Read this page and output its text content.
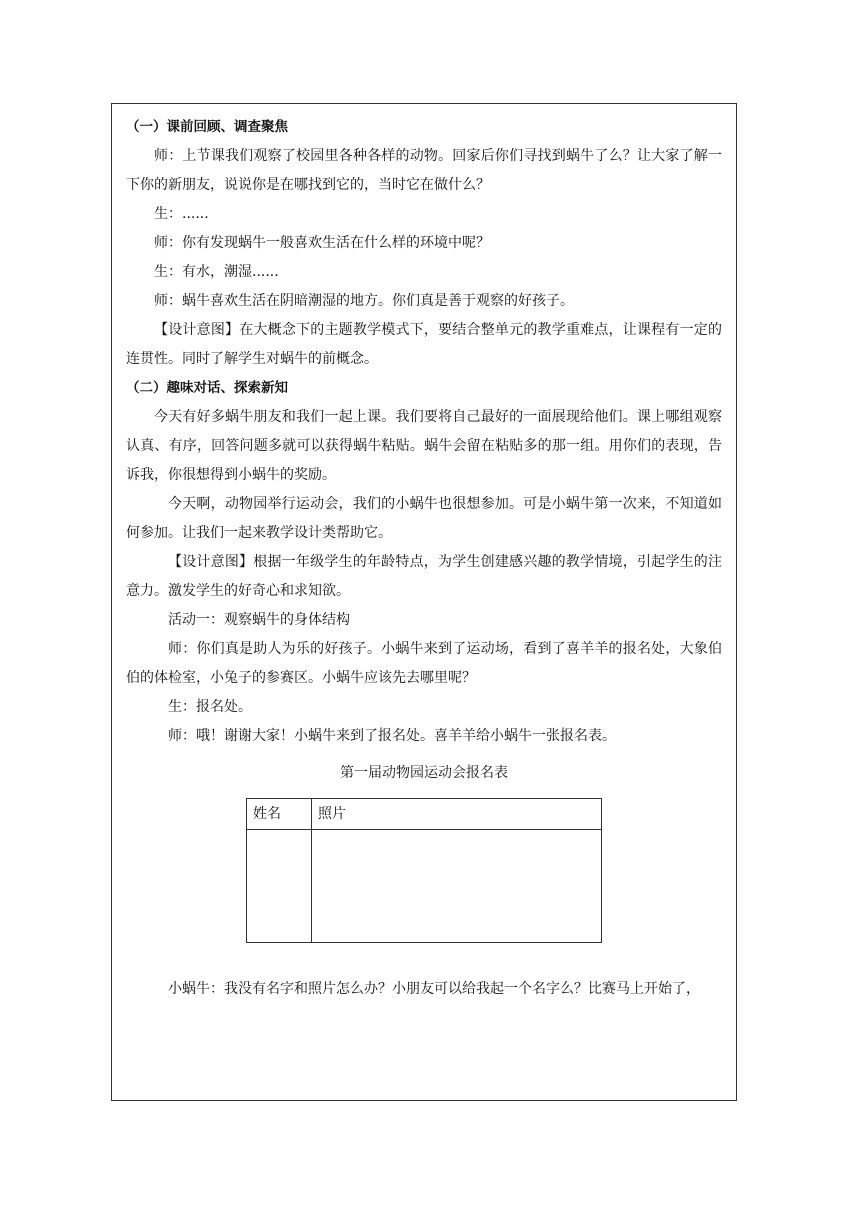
（一）课前回顾、调查聚焦

师：上节课我们观察了校园里各种各样的动物。回家后你们寻找到蜗牛了么？让大家了解一下你的新朋友，说说你是在哪找到它的，当时它在做什么？

生：......

师：你有发现蜗牛一般喜欢生活在什么样的环境中呢？

生：有水，潮湿......

师：蜗牛喜欢生活在阴暗潮湿的地方。你们真是善于观察的好孩子。

【设计意图】在大概念下的主题教学模式下，要结合整单元的教学重难点，让课程有一定的连贯性。同时了解学生对蜗牛的前概念。

（二）趣味对话、探索新知

今天有好多蜗牛朋友和我们一起上课。我们要将自己最好的一面展现给他们。课上哪组观察认真、有序，回答问题多就可以获得蜗牛粘贴。蜗牛会留在粘贴多的那一组。用你们的表现，告诉我，你很想得到小蜗牛的奖励。

今天啊，动物园举行运动会，我们的小蜗牛也很想参加。可是小蜗牛第一次来，不知道如何参加。让我们一起来教学设计类帮助它。

【设计意图】根据一年级学生的年龄特点，为学生创建感兴趣的教学情境，引起学生的注意力。激发学生的好奇心和求知欲。

活动一：观察蜗牛的身体结构

师：你们真是助人为乐的好孩子。小蜗牛来到了运动场，看到了喜羊羊的报名处，大象伯伯的体检室，小兔子的参赛区。小蜗牛应该先去哪里呢？

生：报名处。

师：哦！谢谢大家！小蜗牛来到了报名处。喜羊羊给小蜗牛一张报名表。

第一届动物园运动会报名表

姓名	照片

小蜗牛：我没有名字和照片怎么办？小朋友可以给我起一个名字么？比赛马上开始了，
